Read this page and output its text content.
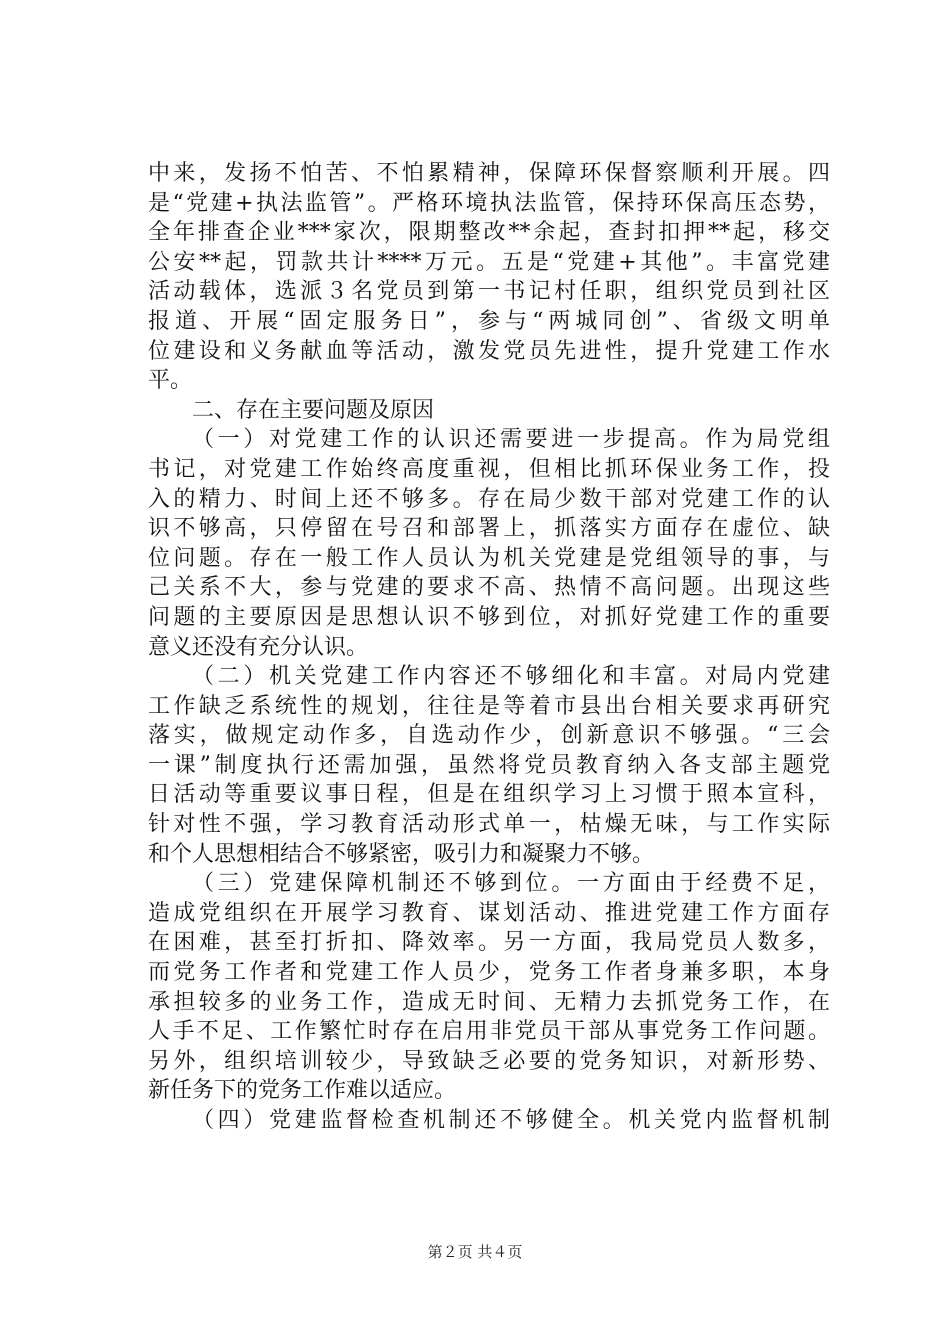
中来，发扬不怕苦、不怕累精神，保障环保督察顺利开展。四
是“党建+执法监管”。严格环境执法监管，保持环保高压态势，
全年排查企业***家次，限期整改**余起，查封扣押**起，移交
公安**起，罚款共计****万元。五是“党建+其他”。丰富党建
活动载体，选派３名党员到第一书记村任职，组织党员到社区
报道、开展“固定服务日”，参与“两城同创”、省级文明单
位建设和义务献血等活动，激发党员先进性，提升党建工作水
平。
二、存在主要问题及原因
（一）对党建工作的认识还需要进一步提高。作为局党组
书记，对党建工作始终高度重视，但相比抓环保业务工作，投
入的精力、时间上还不够多。存在局少数干部对党建工作的认
识不够高，只停留在号召和部署上，抓落实方面存在虚位、缺
位问题。存在一般工作人员认为机关党建是党组领导的事，与
己关系不大，参与党建的要求不高、热情不高问题。出现这些
问题的主要原因是思想认识不够到位，对抓好党建工作的重要
意义还没有充分认识。
（二）机关党建工作内容还不够细化和丰富。对局内党建
工作缺乏系统性的规划，往往是等着市县出台相关要求再研究
落实，做规定动作多，自选动作少，创新意识不够强。“三会
一课”制度执行还需加强，虽然将党员教育纳入各支部主题党
日活动等重要议事日程，但是在组织学习上习惯于照本宣科，
针对性不强，学习教育活动形式单一，枯燥无味，与工作实际
和个人思想相结合不够紧密，吸引力和凝聚力不够。
（三）党建保障机制还不够到位。一方面由于经费不足，
造成党组织在开展学习教育、谋划活动、推进党建工作方面存
在困难，甚至打折扣、降效率。另一方面，我局党员人数多，
而党务工作者和党建工作人员少，党务工作者身兼多职，本身
承担较多的业务工作，造成无时间、无精力去抓党务工作，在
人手不足、工作繁忙时存在启用非党员干部从事党务工作问题。
另外，组织培训较少，导致缺乏必要的党务知识，对新形势、
新任务下的党务工作难以适应。
（四）党建监督检查机制还不够健全。机关党内监督机制
第２页 共４页
